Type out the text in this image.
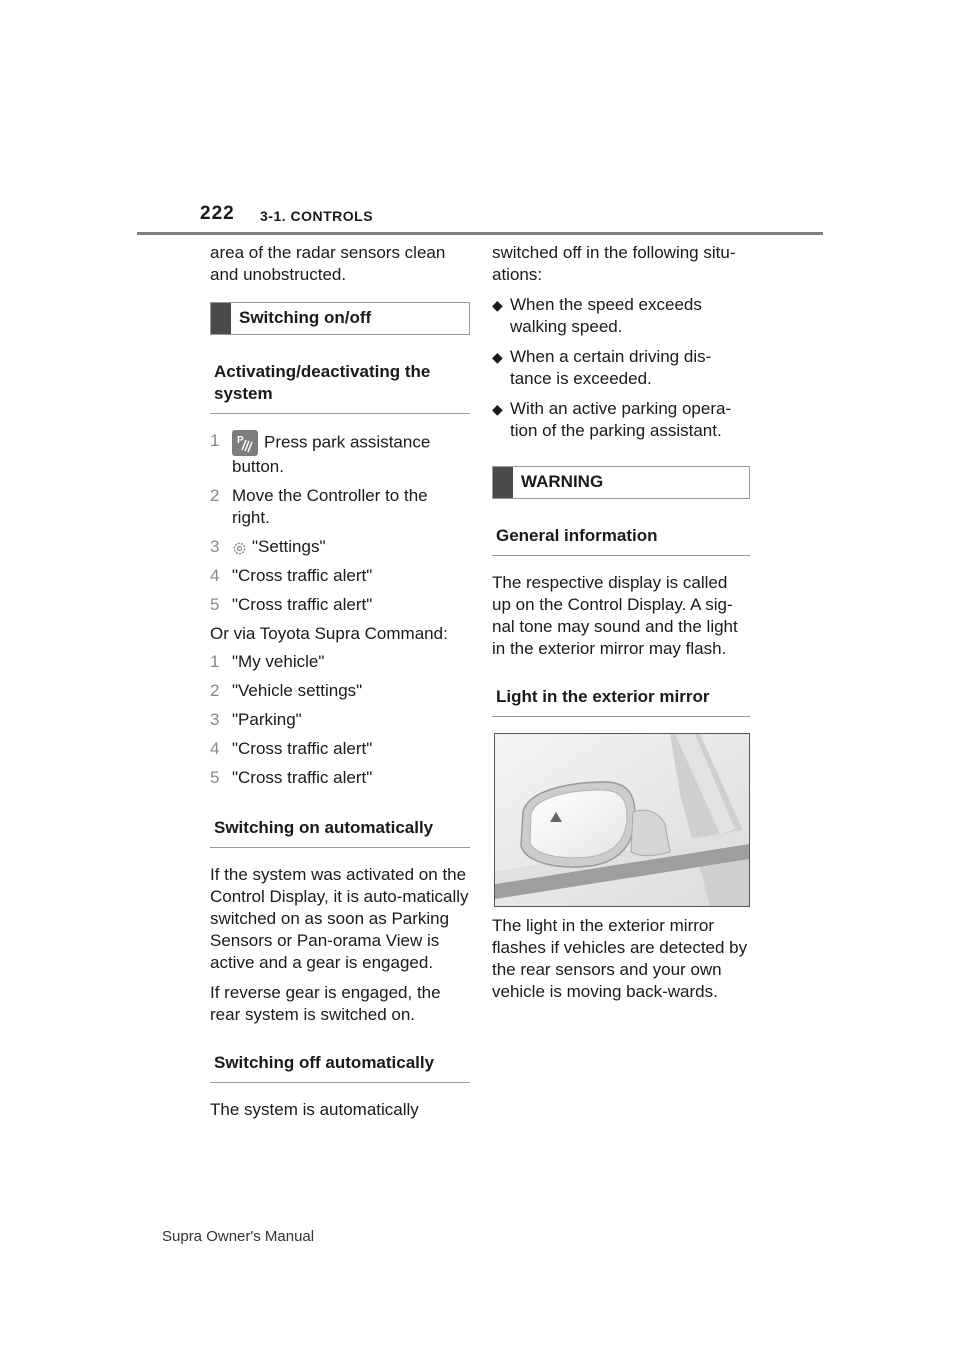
222 3-1. CONTROLS

area of the radar sensors clean and unobstructed.

Switching on/off
Activating/deactivating the system
1	P Press park assistance button.
2 Move the Controller to the right.
3	"Settings"
4 "Cross traffic alert"
5 "Cross traffic alert"

Or via Toyota Supra Command:

1 "My vehicle"
2 "Vehicle settings"
3 "Parking"
4 "Cross traffic alert"
5 "Cross traffic alert"
Switching on automatically

If the system was activated on the Control Display, it is auto-matically switched on as soon as Parking Sensors or Pan-orama View is active and a gear is engaged.

If reverse gear is engaged, the rear system is switched on.

Switching off automatically

The system is automatically

switched off in the following situ-ations:

◆ When the speed exceeds walking speed.
◆ When a certain driving dis-tance is exceeded.
◆ With an active parking opera-tion of the parking assistant.
WARNING
General information

The respective display is called up on the Control Display. A sig-nal tone may sound and the light in the exterior mirror may flash.

Light in the exterior mirror

The light in the exterior mirror flashes if vehicles are detected by the rear sensors and your own vehicle is moving back-wards.

Supra Owner's Manual
